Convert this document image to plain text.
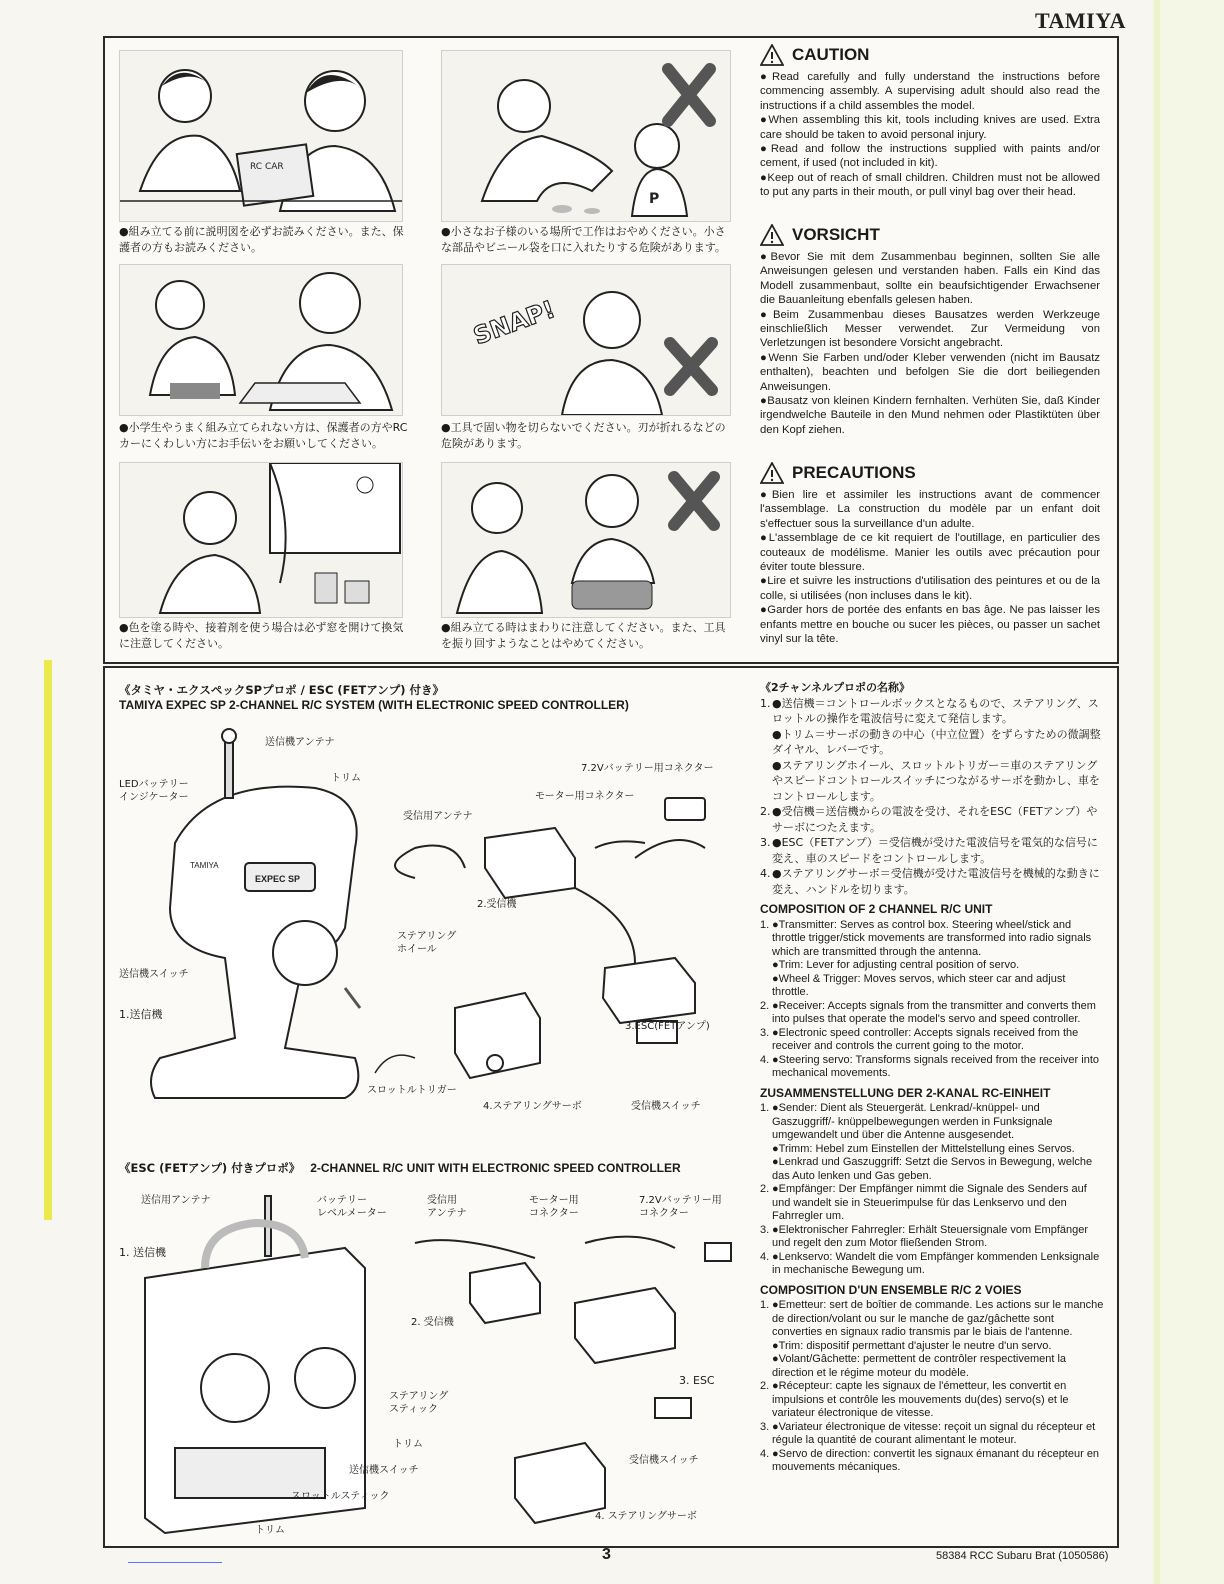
TAMIYA
RC CAR
●組み立てる前に説明図を必ずお読みください。また、保護者の方もお読みください。
P
●小さなお子様のいる場所で工作はおやめください。小さな部品やビニール袋を口に入れたりする危険があります。
●小学生やうまく組み立てられない方は、保護者の方やRCカーにくわしい方にお手伝いをお願いしてください。
SNAP!
●工具で固い物を切らないでください。刃が折れるなどの危険があります。
●色を塗る時や、接着剤を使う場合は必ず窓を開けて換気に注意してください。
●組み立てる時はまわりに注意してください。また、工具を振り回すようなことはやめてください。
CAUTION

●Read carefully and fully understand the instructions before commencing assembly. A supervising adult should also read the instructions if a child assembles the model.

●When assembling this kit, tools including knives are used. Extra care should be taken to avoid personal injury.

●Read and follow the instructions supplied with paints and/or cement, if used (not included in kit).

●Keep out of reach of small children. Children must not be allowed to put any parts in their mouth, or pull vinyl bag over their head.

VORSICHT

●Bevor Sie mit dem Zusammenbau beginnen, sollten Sie alle Anweisungen gelesen und verstanden haben. Falls ein Kind das Modell zusammenbaut, sollte ein beaufsichtigender Erwachsener die Bauanleitung ebenfalls gelesen haben.

●Beim Zusammenbau dieses Bausatzes werden Werkzeuge einschließlich Messer verwendet. Zur Vermeidung von Verletzungen ist besondere Vorsicht angebracht.

●Wenn Sie Farben und/oder Kleber verwenden (nicht im Bausatz enthalten), beachten und befolgen Sie die dort beiliegenden Anweisungen.

●Bausatz von kleinen Kindern fernhalten. Verhüten Sie, daß Kinder irgendwelche Bauteile in den Mund nehmen oder Plastiktüten über den Kopf ziehen.

PRECAUTIONS

●Bien lire et assimiler les instructions avant de commencer l'assemblage. La construction du modèle par un enfant doit s'effectuer sous la surveillance d'un adulte.

●L'assemblage de ce kit requiert de l'outillage, en particulier des couteaux de modélisme. Manier les outils avec précaution pour éviter toute blessure.

●Lire et suivre les instructions d'utilisation des peintures et ou de la colle, si utilisées (non incluses dans le kit).

●Garder hors de portée des enfants en bas âge. Ne pas laisser les enfants mettre en bouche ou sucer les pièces, ou passer un sachet vinyl sur la tête.

《タミヤ・エクスペックSPプロポ / ESC (FETアンプ) 付き》
TAMIYA EXPEC SP 2-CHANNEL R/C SYSTEM (WITH ELECTRONIC SPEED CONTROLLER)
EXPEC SP
TAMIYA
送信機アンテナ
LEDバッテリー
インジケーター
トリム
受信用アンテナ
モーター用コネクター
7.2Vバッテリー用コネクター
2.受信機
ステアリング
ホイール
送信機スイッチ
1.送信機
3.ESC(FETアンプ)
スロットルトリガー
4.ステアリングサーボ	受信機スイッチ
《ESC (FETアンプ) 付きプロポ》 2-CHANNEL R/C UNIT WITH ELECTRONIC SPEED CONTROLLER
送信用アンテナ	バッテリー
レベルメーター
受信用
アンテナ
モーター用
コネクター
7.2Vバッテリー用
コネクター
1. 送信機
2. 受信機
3. ESC
ステアリング
スティック
トリム
送信機スイッチ
受信機スイッチ
スロットルスティック
4. ステアリングサーボ
トリム
《2チャンネルプロポの名称》
1. ●送信機＝コントロールボックスとなるもので、ステアリング、スロットルの操作を電波信号に変えて発信します。
●トリム＝サーボの動きの中心（中立位置）をずらすための微調整ダイヤル、レバーです。
●ステアリングホイール、スロットルトリガー＝車のステアリングやスピードコントロールスイッチにつながるサーボを動かし、車をコントロールします。
2. ●受信機＝送信機からの電波を受け、それをESC（FETアンプ）やサーボにつたえます。
3. ●ESC（FETアンプ）＝受信機が受けた電波信号を電気的な信号に変え、車のスピードをコントロールします。
4. ●ステアリングサーボ＝受信機が受けた電波信号を機械的な動きに変え、ハンドルを切ります。
COMPOSITION OF 2 CHANNEL R/C UNIT
1. ●Transmitter: Serves as control box. Steering wheel/stick and throttle trigger/stick movements are transformed into radio signals which are transmitted through the antenna.
●Trim: Lever for adjusting central position of servo.
●Wheel & Trigger: Moves servos, which steer car and adjust throttle.
2. ●Receiver: Accepts signals from the transmitter and converts them into pulses that operate the model's servo and speed controller.
3. ●Electronic speed controller: Accepts signals received from the receiver and controls the current going to the motor.
4. ●Steering servo: Transforms signals received from the receiver into mechanical movements.
ZUSAMMENSTELLUNG DER 2-KANAL RC-EINHEIT
1. ●Sender: Dient als Steuergerät. Lenkrad/-knüppel- und Gaszuggriff/- knüppelbewegungen werden in Funksignale umgewandelt und über die Antenne ausgesendet.
●Trimm: Hebel zum Einstellen der Mittelstellung eines Servos.
●Lenkrad und Gaszuggriff: Setzt die Servos in Bewegung, welche das Auto lenken und Gas geben.
2. ●Empfänger: Der Empfänger nimmt die Signale des Senders auf und wandelt sie in Steuerimpulse für das Lenkservo und den Fahrregler um.
3. ●Elektronischer Fahrregler: Erhält Steuersignale vom Empfänger und regelt den zum Motor fließenden Strom.
4. ●Lenkservo: Wandelt die vom Empfänger kommenden Lenksignale in mechanische Bewegung um.
COMPOSITION D'UN ENSEMBLE R/C 2 VOIES
1. ●Emetteur: sert de boîtier de commande. Les actions sur le manche de direction/volant ou sur le manche de gaz/gâchette sont converties en signaux radio transmis par le biais de l'antenne.
●Trim: dispositif permettant d'ajuster le neutre d'un servo.
●Volant/Gâchette: permettent de contrôler respectivement la direction et le régime moteur du modèle.
2. ●Récepteur: capte les signaux de l'émetteur, les convertit en impulsions et contrôle les mouvements du(des) servo(s) et le variateur électronique de vitesse.
3. ●Variateur électronique de vitesse: reçoit un signal du récepteur et régule la quantité de courant alimentant le moteur.
4. ●Servo de direction: convertit les signaux émanant du récepteur en mouvements mécaniques.
3	58384 RCC Subaru Brat (1050586)
